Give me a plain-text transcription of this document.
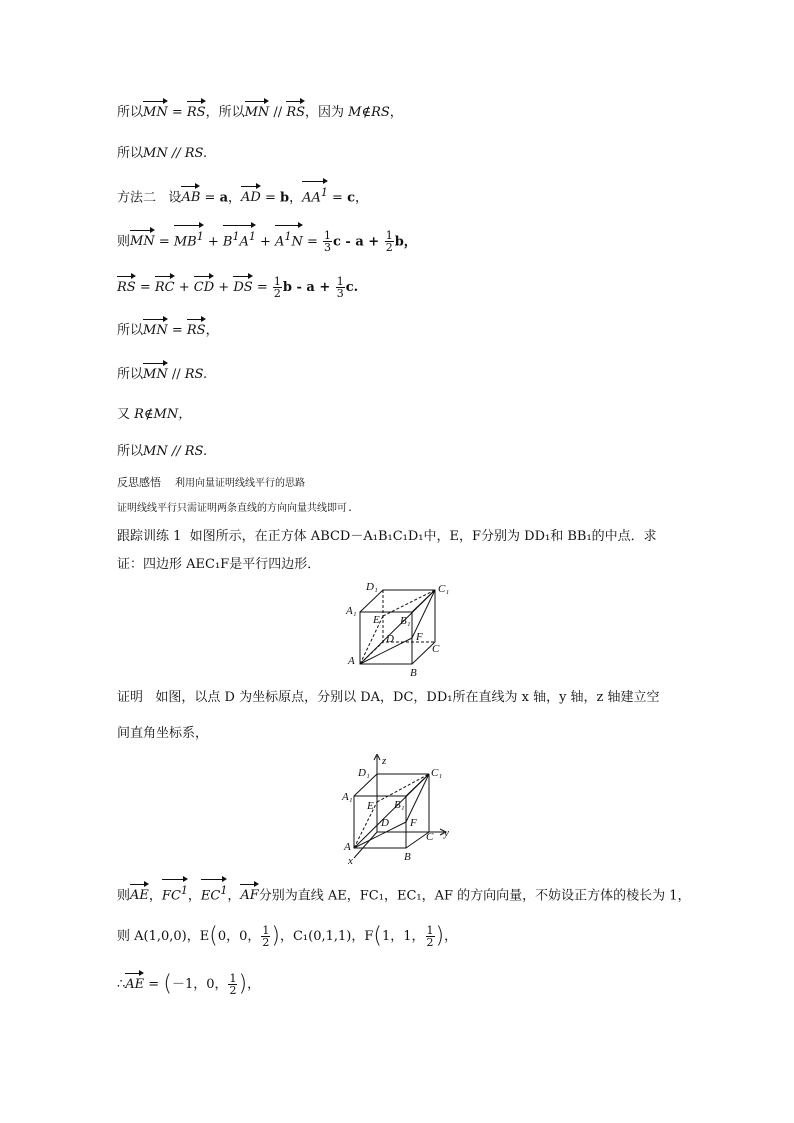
所以MN = RS，所以MN // RS，因为 M∉RS，
所以MN // RS.
方法二 设AB = a，AD = b，$AA^1 = c$，
则MN = $MB^1 + B^1A^1 + A^1N = \frac{1}{3}$ $c - a + \frac{1}{2}$ b，
RS = RC + CD + DS = $\frac{1}{2}$ $b - a + \frac{1}{3} c$.
所以MN = RS，
所以MN // RS.
又 R∉MN，
所以MN // RS.
反思感悟 利用向量证明线线平行的思路
证明线线平行只需证明两条直线的方向向量共线即可.
跟踪训练 1 如图所示，在正方体 ABCD－A₁B₁C₁D₁中，E，F分别为 DD₁和 BB₁的中点．求
证：四边形 AEC₁F是平行四边形．
D₁	C₁
A₁
B₁
E
D F
C
A
B
证明 如图，以点 D 为坐标原点，分别以 DA，DC，DD₁所在直线为 x 轴，y 轴，z 轴建立空
间直角坐标系，
z
D₁	C₁
A₁
B₁
E
D F
C y
A
x	B
则AE，$FC^1$，$EC^1$，AF分别为直线 AE，FC₁，EC₁，AF 的方向向量，不妨设正方体的棱长为 1，
则 A(1,0,0)，E(0，0， $\frac{1}{2}$ )，C₁(0,1,1)，F(1，1， $\frac{1}{2}$ )，
∴AE = (－1，0， $\frac{1}{2}$ )，
